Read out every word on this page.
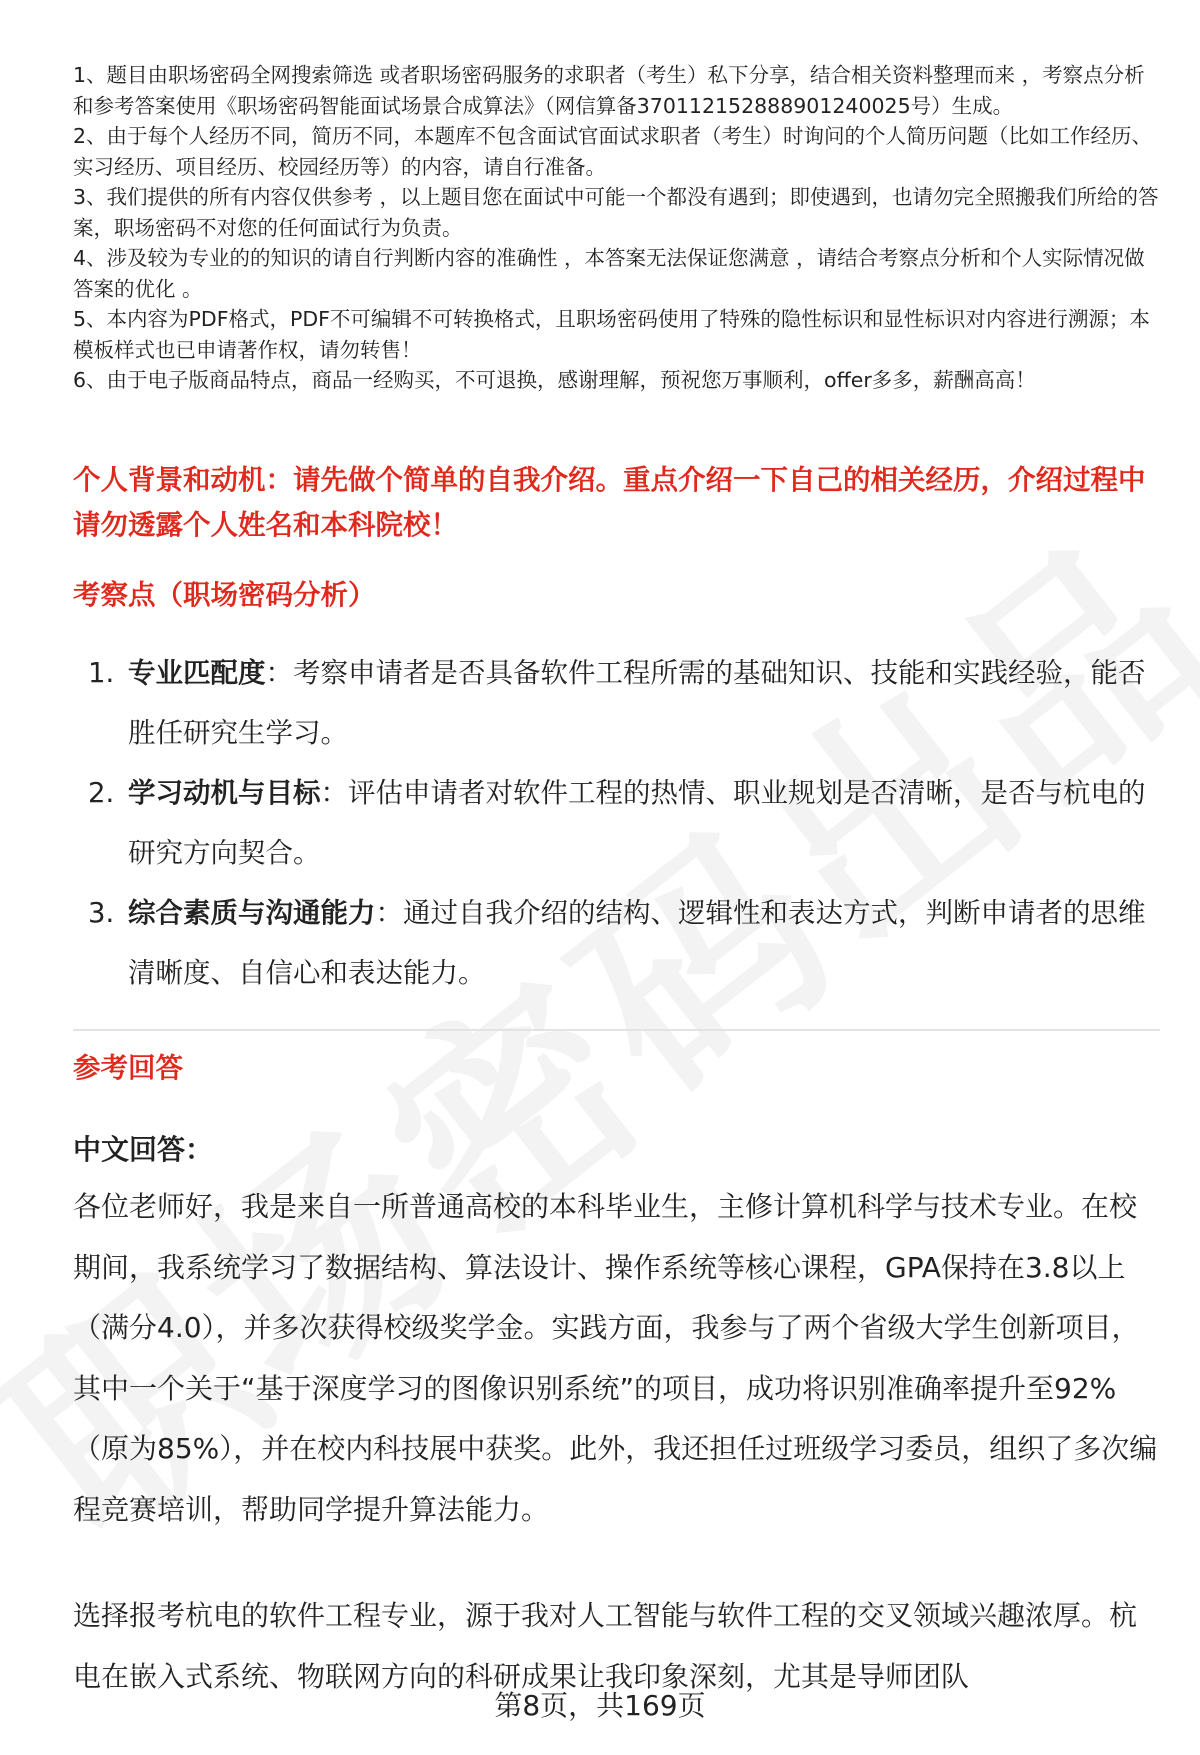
1、题目由职场密码全网搜索筛选 或者职场密码服务的求职者（考生）私下分享，结合相关资料整理而来 ，考察点分析和参考答案使用《职场密码智能面试场景合成算法》（网信算备370112152888901240025号）生成。

2、由于每个人经历不同，简历不同，本题库不包含面试官面试求职者（考生）时询问的个人简历问题（比如工作经历、实习经历、项目经历、校园经历等）的内容，请自行准备。

3、我们提供的所有内容仅供参考 ，以上题目您在面试中可能一个都没有遇到；即使遇到，也请勿完全照搬我们所给的答案，职场密码不对您的任何面试行为负责。

4、涉及较为专业的的知识的请自行判断内容的准确性 ，本答案无法保证您满意 ，请结合考察点分析和个人实际情况做答案的优化 。

5、本内容为PDF格式，PDF不可编辑不可转换格式，且职场密码使用了特殊的隐性标识和显性标识对内容进行溯源；本模板样式也已申请著作权，请勿转售！

6、由于电子版商品特点，商品一经购买，不可退换，感谢理解，预祝您万事顺利，offer多多，薪酬高高！

个人背景和动机：请先做个简单的自我介绍。重点介绍一下自己的相关经历，介绍过程中请勿透露个人姓名和本科院校！
考察点（职场密码分析）
1. 专业匹配度：考察申请者是否具备软件工程所需的基础知识、技能和实践经验，能否胜任研究生学习。
2. 学习动机与目标：评估申请者对软件工程的热情、职业规划是否清晰，是否与杭电的研究方向契合。
3. 综合素质与沟通能力：通过自我介绍的结构、逻辑性和表达方式，判断申请者的思维清晰度、自信心和表达能力。
参考回答

中文回答：

各位老师好，我是来自一所普通高校的本科毕业生，主修计算机科学与技术专业。在校期间，我系统学习了数据结构、算法设计、操作系统等核心课程，GPA保持在3.8以上（满分4.0），并多次获得校级奖学金。实践方面，我参与了两个省级大学生创新项目，其中一个关于“基于深度学习的图像识别系统”的项目，成功将识别准确率提升至92%（原为85%），并在校内科技展中获奖。此外，我还担任过班级学习委员，组织了多次编程竞赛培训，帮助同学提升算法能力。

选择报考杭电的软件工程专业，源于我对人工智能与软件工程的交叉领域兴趣浓厚。杭电在嵌入式系统、物联网方向的科研成果让我印象深刻，尤其是导师团队

第8页，共169页
